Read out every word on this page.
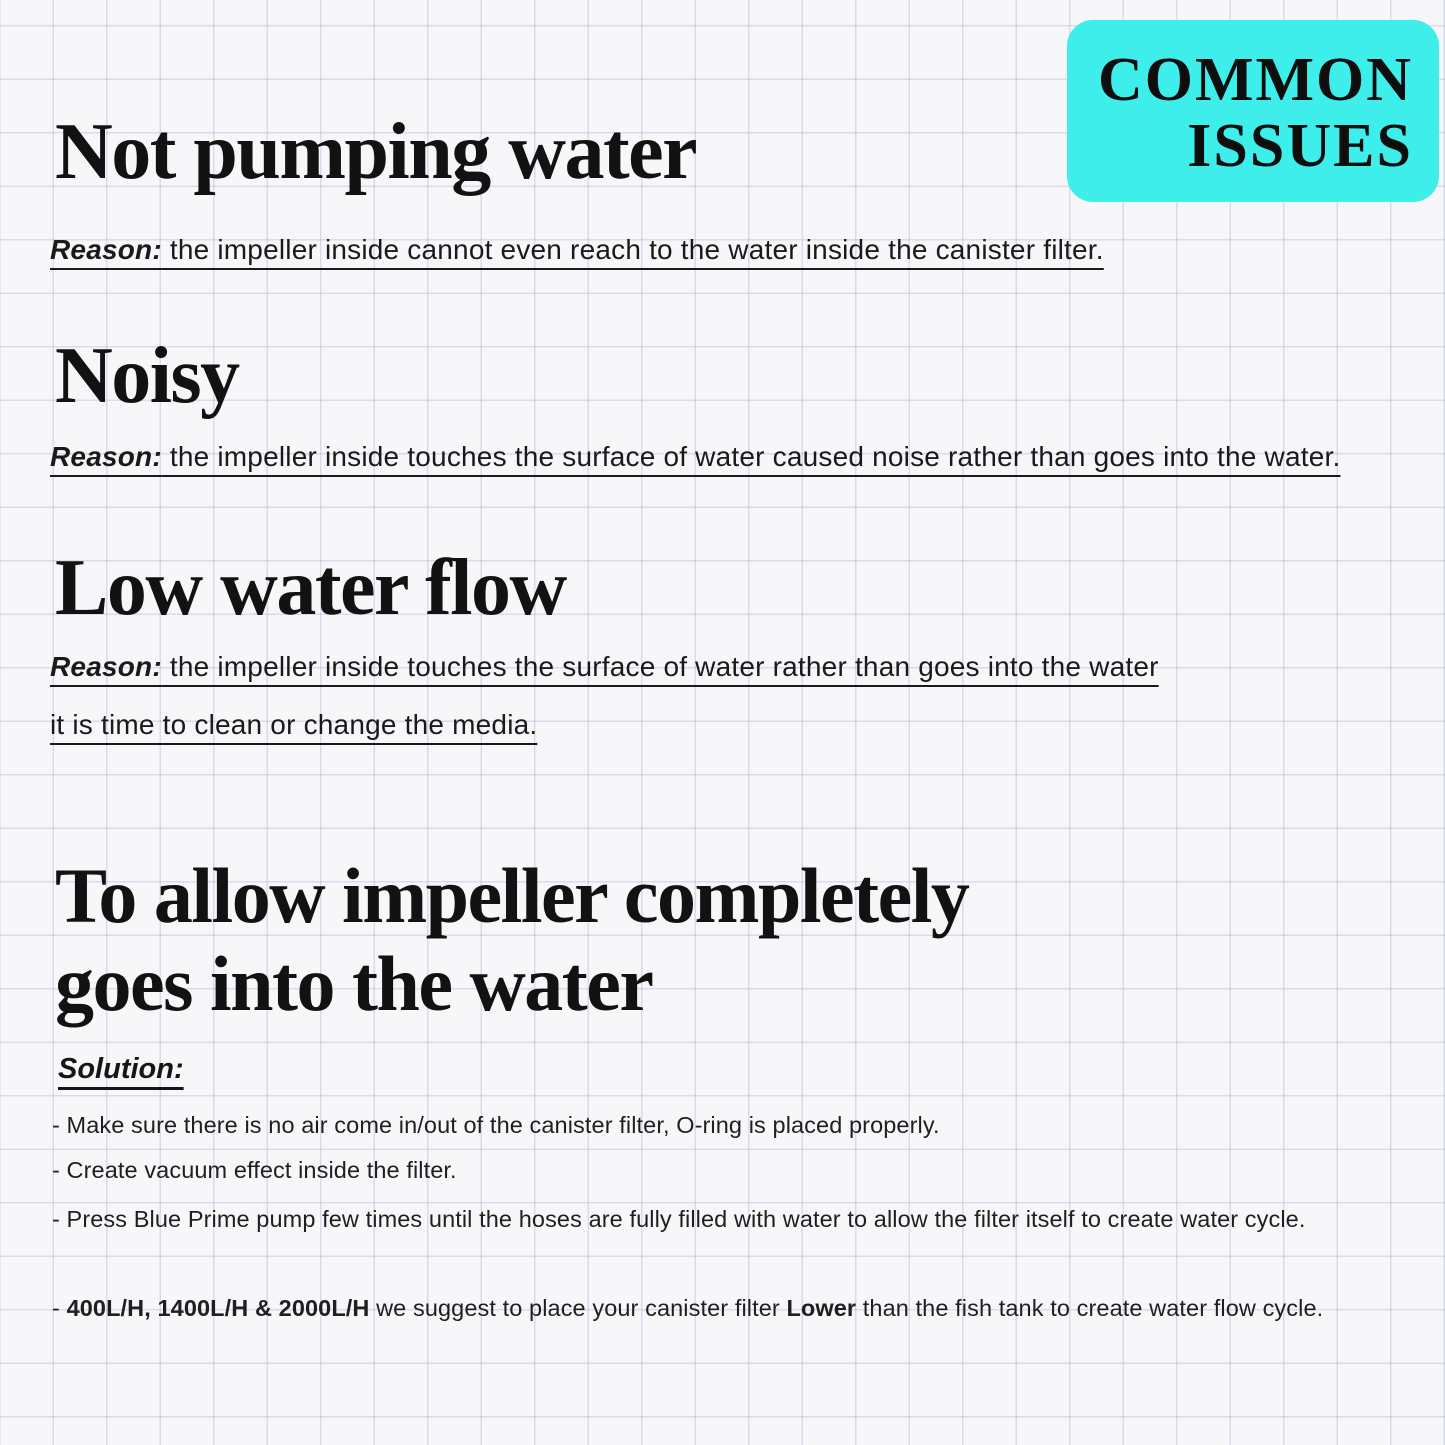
COMMON
ISSUES
Not pumping water
Reason: the impeller inside cannot even reach to the water inside the canister filter.
Noisy
Reason: the impeller inside touches the surface of water caused noise rather than goes into the water.
Low water flow
Reason: the impeller inside touches the surface of water rather than goes into the water
it is time to clean or change the media.
To allow impeller completely
goes into the water
Solution:
- Make sure there is no air come in/out of the canister filter, O-ring is placed properly.
- Create vacuum effect inside the filter.
- Press Blue Prime pump few times until the hoses are fully filled with water to allow the filter itself to create water cycle.
- 400L/H, 1400L/H & 2000L/H we suggest to place your canister filter Lower than the fish tank to create water flow cycle.
